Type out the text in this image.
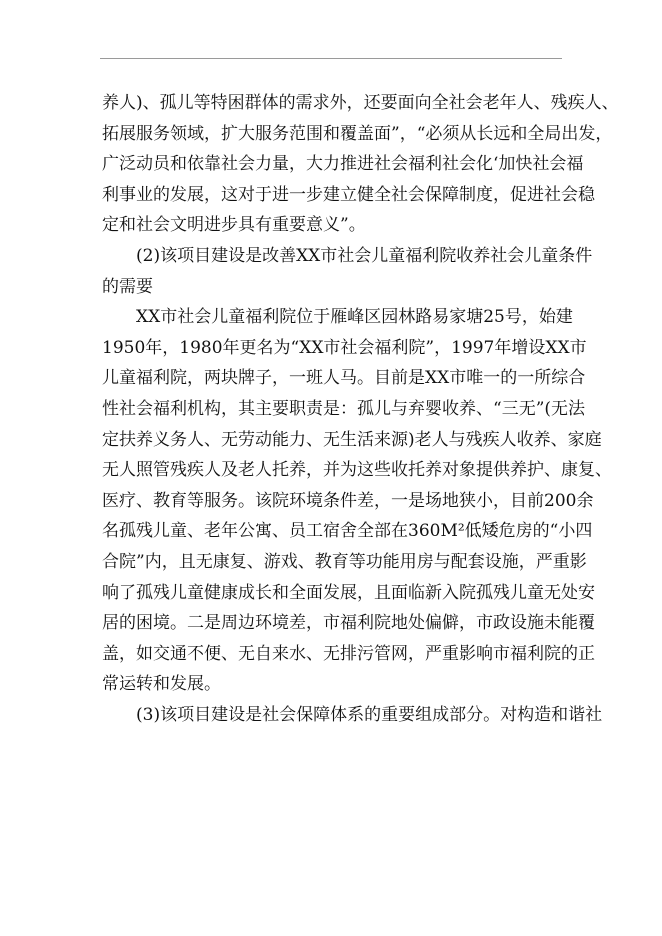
养人)、孤儿等特困群体的需求外，还要面向全社会老年人、残疾人、
拓展服务领域，扩大服务范围和覆盖面”，“必须从长远和全局出发，
广泛动员和依靠社会力量，大力推进社会福利社会化‘加快社会福
利事业的发展，这对于进一步建立健全社会保障制度，促进社会稳
定和社会文明进步具有重要意义”。
(2)该项目建设是改善XX市社会儿童福利院收养社会儿童条件
的需要
XX市社会儿童福利院位于雁峰区园林路易家塘25号，始建
1950年，1980年更名为“XX市社会福利院”，1997年增设XX市
儿童福利院，两块牌子，一班人马。目前是XX市唯一的一所综合
性社会福利机构，其主要职责是：孤儿与弃婴收养、“三无”(无法
定扶养义务人、无劳动能力、无生活来源)老人与残疾人收养、家庭
无人照管残疾人及老人托养，并为这些收托养对象提供养护、康复、
医疗、教育等服务。该院环境条件差，一是场地狭小，目前200余
名孤残儿童、老年公寓、员工宿舍全部在360M²低矮危房的“小四
合院”内，且无康复、游戏、教育等功能用房与配套设施，严重影
响了孤残儿童健康成长和全面发展，且面临新入院孤残儿童无处安
居的困境。二是周边环境差，市福利院地处偏僻，市政设施未能覆
盖，如交通不便、无自来水、无排污管网，严重影响市福利院的正
常运转和发展。
(3)该项目建设是社会保障体系的重要组成部分。对构造和谐社
